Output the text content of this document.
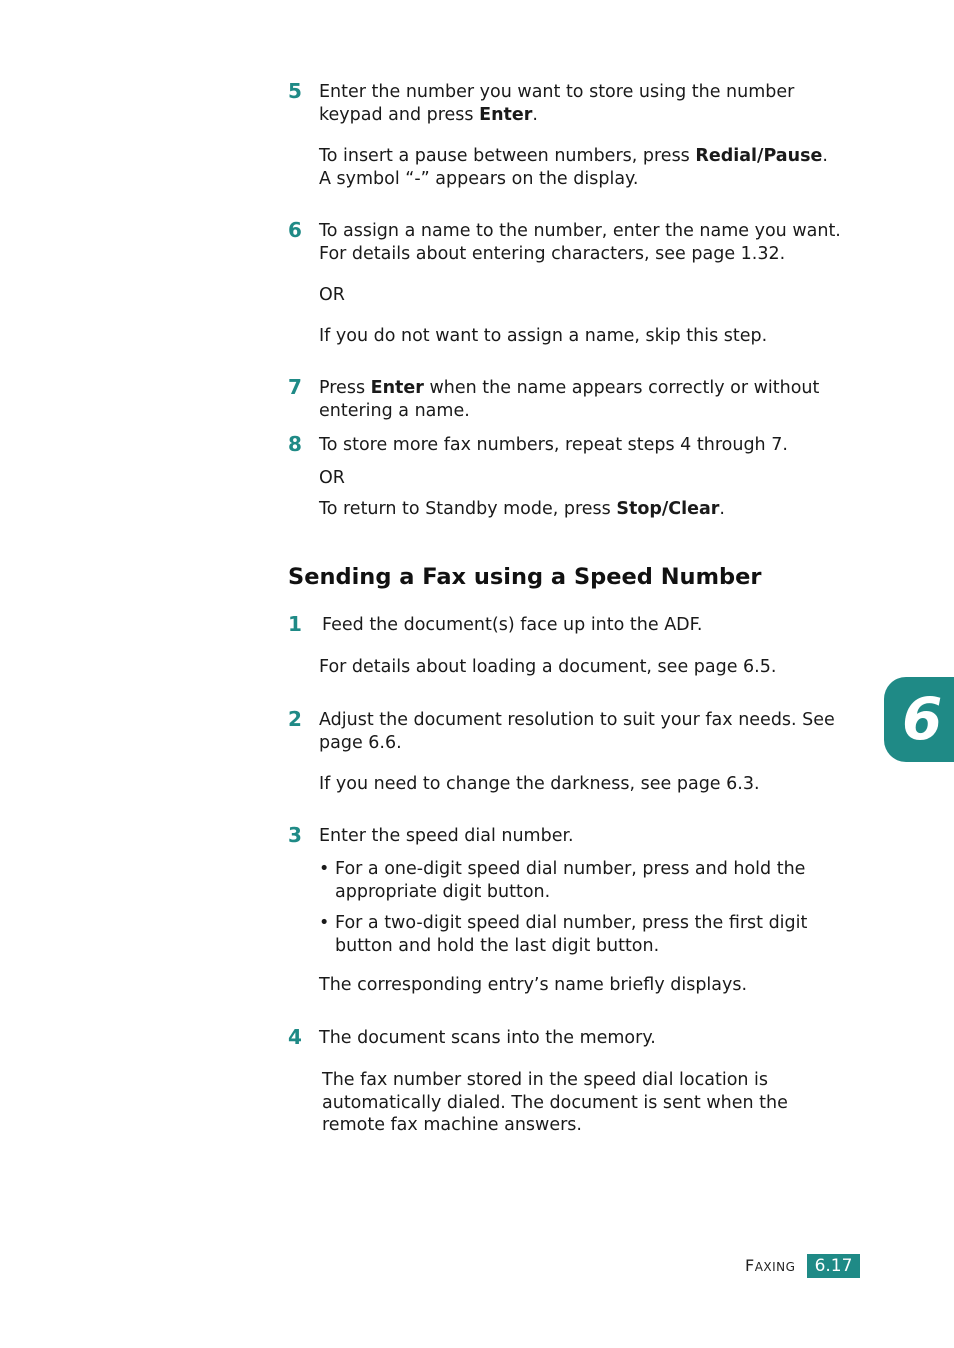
5 Enter the number you want to store using the number
keypad and press Enter.
To insert a pause between numbers, press Redial/Pause.
A symbol “-” appears on the display.
6 To assign a name to the number, enter the name you want.
For details about entering characters, see page 1.32.
OR
If you do not want to assign a name, skip this step.
7 Press Enter when the name appears correctly or without
entering a name.
8 To store more fax numbers, repeat steps 4 through 7.
OR
To return to Standby mode, press Stop/Clear.
Sending a Fax using a Speed Number
1 Feed the document(s) face up into the ADF.
For details about loading a document, see page 6.5.
2 Adjust the document resolution to suit your fax needs. See
page 6.6.
If you need to change the darkness, see page 6.3.
3 Enter the speed dial number.
• For a one-digit speed dial number, press and hold the
appropriate digit button.
• For a two-digit speed dial number, press the first digit
button and hold the last digit button.
The corresponding entry’s name briefly displays.
4 The document scans into the memory.
The fax number stored in the speed dial location is
automatically dialed. The document is sent when the
remote fax machine answers.
6
FAXING	6.17
